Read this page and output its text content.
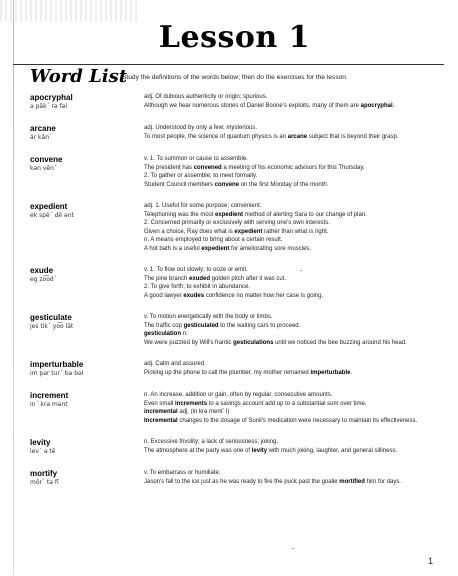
Lesson 1
Word List
Study the definitions of the words below; then do the exercises for the lesson.
apocryphal
ə păk´ rə fəl
adj. Of dubious authenticity or origin; spurious.
Although we hear numerous stories of Daniel Boone's exploits, many of them are apocryphal.
arcane
är kān´
adj. Understood by only a few; mysterious.
To most people, the science of quantum physics is an arcane subject that is beyond their grasp.
convene
kən vēn´
v. 1. To summon or cause to assemble.
The president has convened a meeting of his economic advisors for this Thursday.
2. To gather or assemble; to meet formally.
Student Council members convene on the first Monday of the month.
expedient
ek spē´ dē ənt
adj. 1. Useful for some purpose; convenient.
Telephoning was the most expedient method of alerting Sara to our change of plan.
2. Concerned primarily or exclusively with serving one's own interests.
Given a choice, Ray does what is expedient rather than what is right.
n. A means employed to bring about a certain result.
A hot bath is a useful expedient for ameliorating sore muscles.
exude
eg zo͞od´
v. 1. To flow out slowly; to ooze or emit.
The pine branch exuded golden pitch after it was cut.
2. To give forth; to exhibit in abundance.
A good lawyer exudes confidence no matter how her case is going.
gesticulate
jes tik´ yo͞o lāt
v. To motion energetically with the body or limbs.
The traffic cop gesticulated to the waiting cars to proceed.
gesticulation n.
We were puzzled by Will's frantic gesticulations until we noticed the bee buzzing around his head.
imperturbable
im pər tur´ bə bəl
adj. Calm and assured.
Picking up the phone to call the plumber, my mother remained imperturbable.
increment
in´ krə mənt
n. An increase, addition or gain, often by regular, consecutive amounts.
Even small increments to a savings account add up to a substantial sum over time.
incremental adj. (in krə ment´ l)
Incremental changes to the dosage of Sunil's medication were necessary to maintain its effectiveness.
levity
lev´ ə tē
n. Excessive frivolity; a lack of seriousness; joking.
The atmosphere at the party was one of levity with much joking, laughter, and general silliness.
mortify
môr´ tə fī
v. To embarrass or humiliate.
Jason's fall to the ice just as he was ready to fire the puck past the goalie mortified him for days.
1
